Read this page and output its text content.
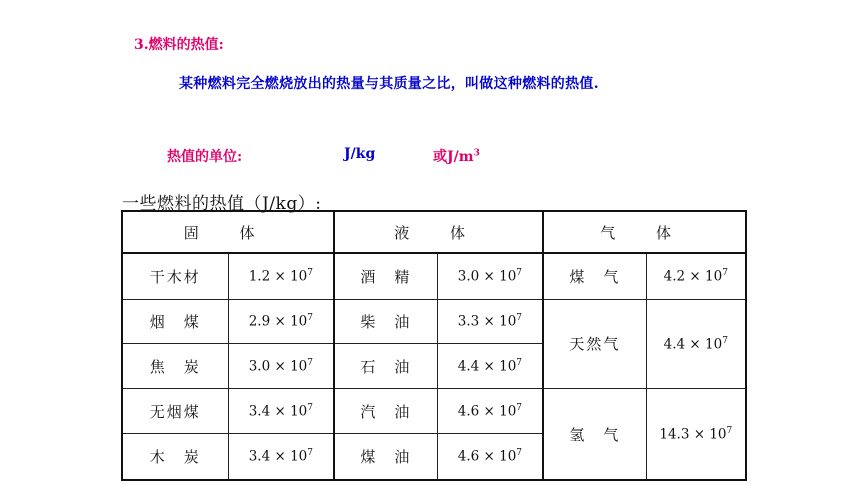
3.燃料的热值:
某种燃料完全燃烧放出的热量与其质量之比，叫做这种燃料的热值.
热值的单位:	J/kg	或$J/m^3$
一些燃料的热值（J/kg）:
固 体		液 体		气 体	
干木材	$1.2 \times 10^7$	酒　精	$3.0 \times 10^7$	煤　气	$4.2 \times 10^7$
烟　煤	$2.9 \times 10^7$	柴　油	$3.3 \times 10^7$	天然气	$4.4 \times 10^7$
焦　炭	$3.0 \times 10^7$	石　油	$4.4 \times 10^7$
无烟煤	$3.4 \times 10^7$	汽　油	$4.6 \times 10^7$	氢　气	$14.3 \times 10^7$
木　炭	$3.4 \times 10^7$	煤　油	$4.6 \times 10^7$
